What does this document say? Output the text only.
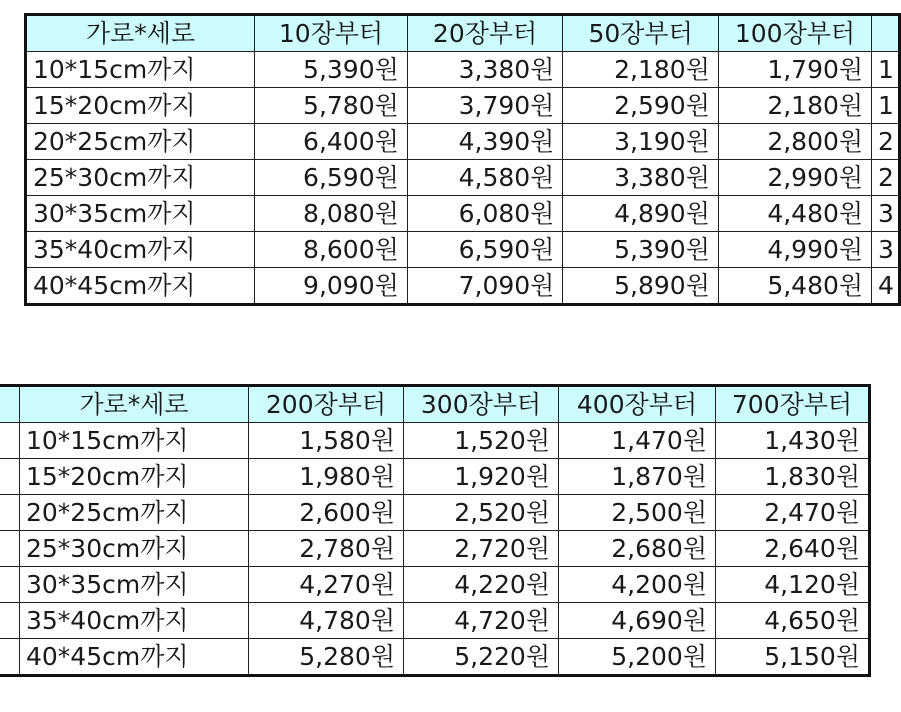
가로*세로	10장부터	20장부터	50장부터	100장부터	
10*15cm까지	5,390원	3,380원	2,180원	1,790원	1
15*20cm까지	5,780원	3,790원	2,590원	2,180원	1
20*25cm까지	6,400원	4,390원	3,190원	2,800원	2
25*30cm까지	6,590원	4,580원	3,380원	2,990원	2
30*35cm까지	8,080원	6,080원	4,890원	4,480원	3
35*40cm까지	8,600원	6,590원	5,390원	4,990원	3
40*45cm까지	9,090원	7,090원	5,890원	5,480원	4
	가로*세로	200장부터	300장부터	400장부터	700장부터
	10*15cm까지	1,580원	1,520원	1,470원	1,430원
	15*20cm까지	1,980원	1,920원	1,870원	1,830원
	20*25cm까지	2,600원	2,520원	2,500원	2,470원
	25*30cm까지	2,780원	2,720원	2,680원	2,640원
	30*35cm까지	4,270원	4,220원	4,200원	4,120원
	35*40cm까지	4,780원	4,720원	4,690원	4,650원
	40*45cm까지	5,280원	5,220원	5,200원	5,150원
